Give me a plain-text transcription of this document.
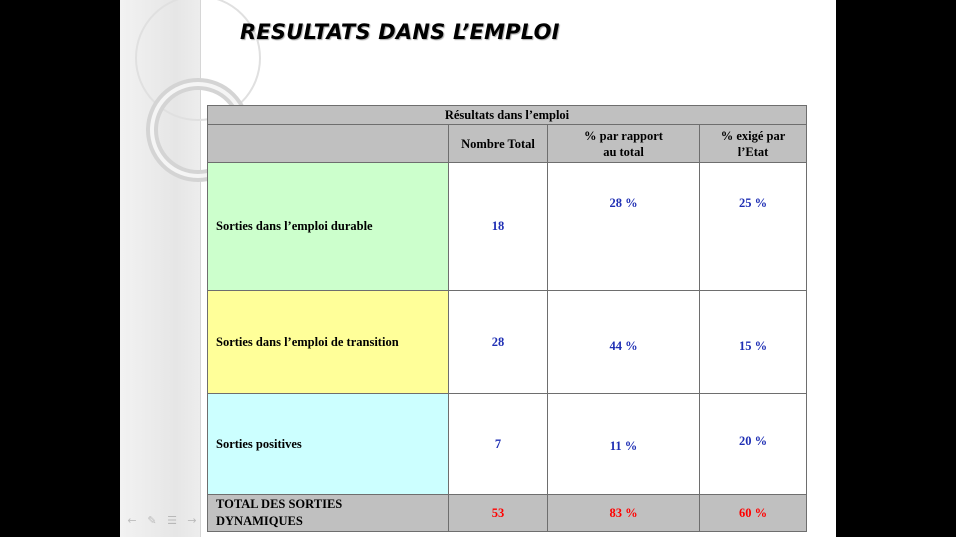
RESULTATS DANS L’EMPLOI
Résultats dans l’emploi			
	Nombre Total	% par rapport au total	% exigé par l’Etat
Sorties dans l’emploi durable	18	28 %	25 %
Sorties dans l’emploi de transition	28	44 %	15 %
Sorties positives	7	11 %	20 %
TOTAL DES SORTIES DYNAMIQUES	53	83 %	60 %
← ✎ ☰ →
